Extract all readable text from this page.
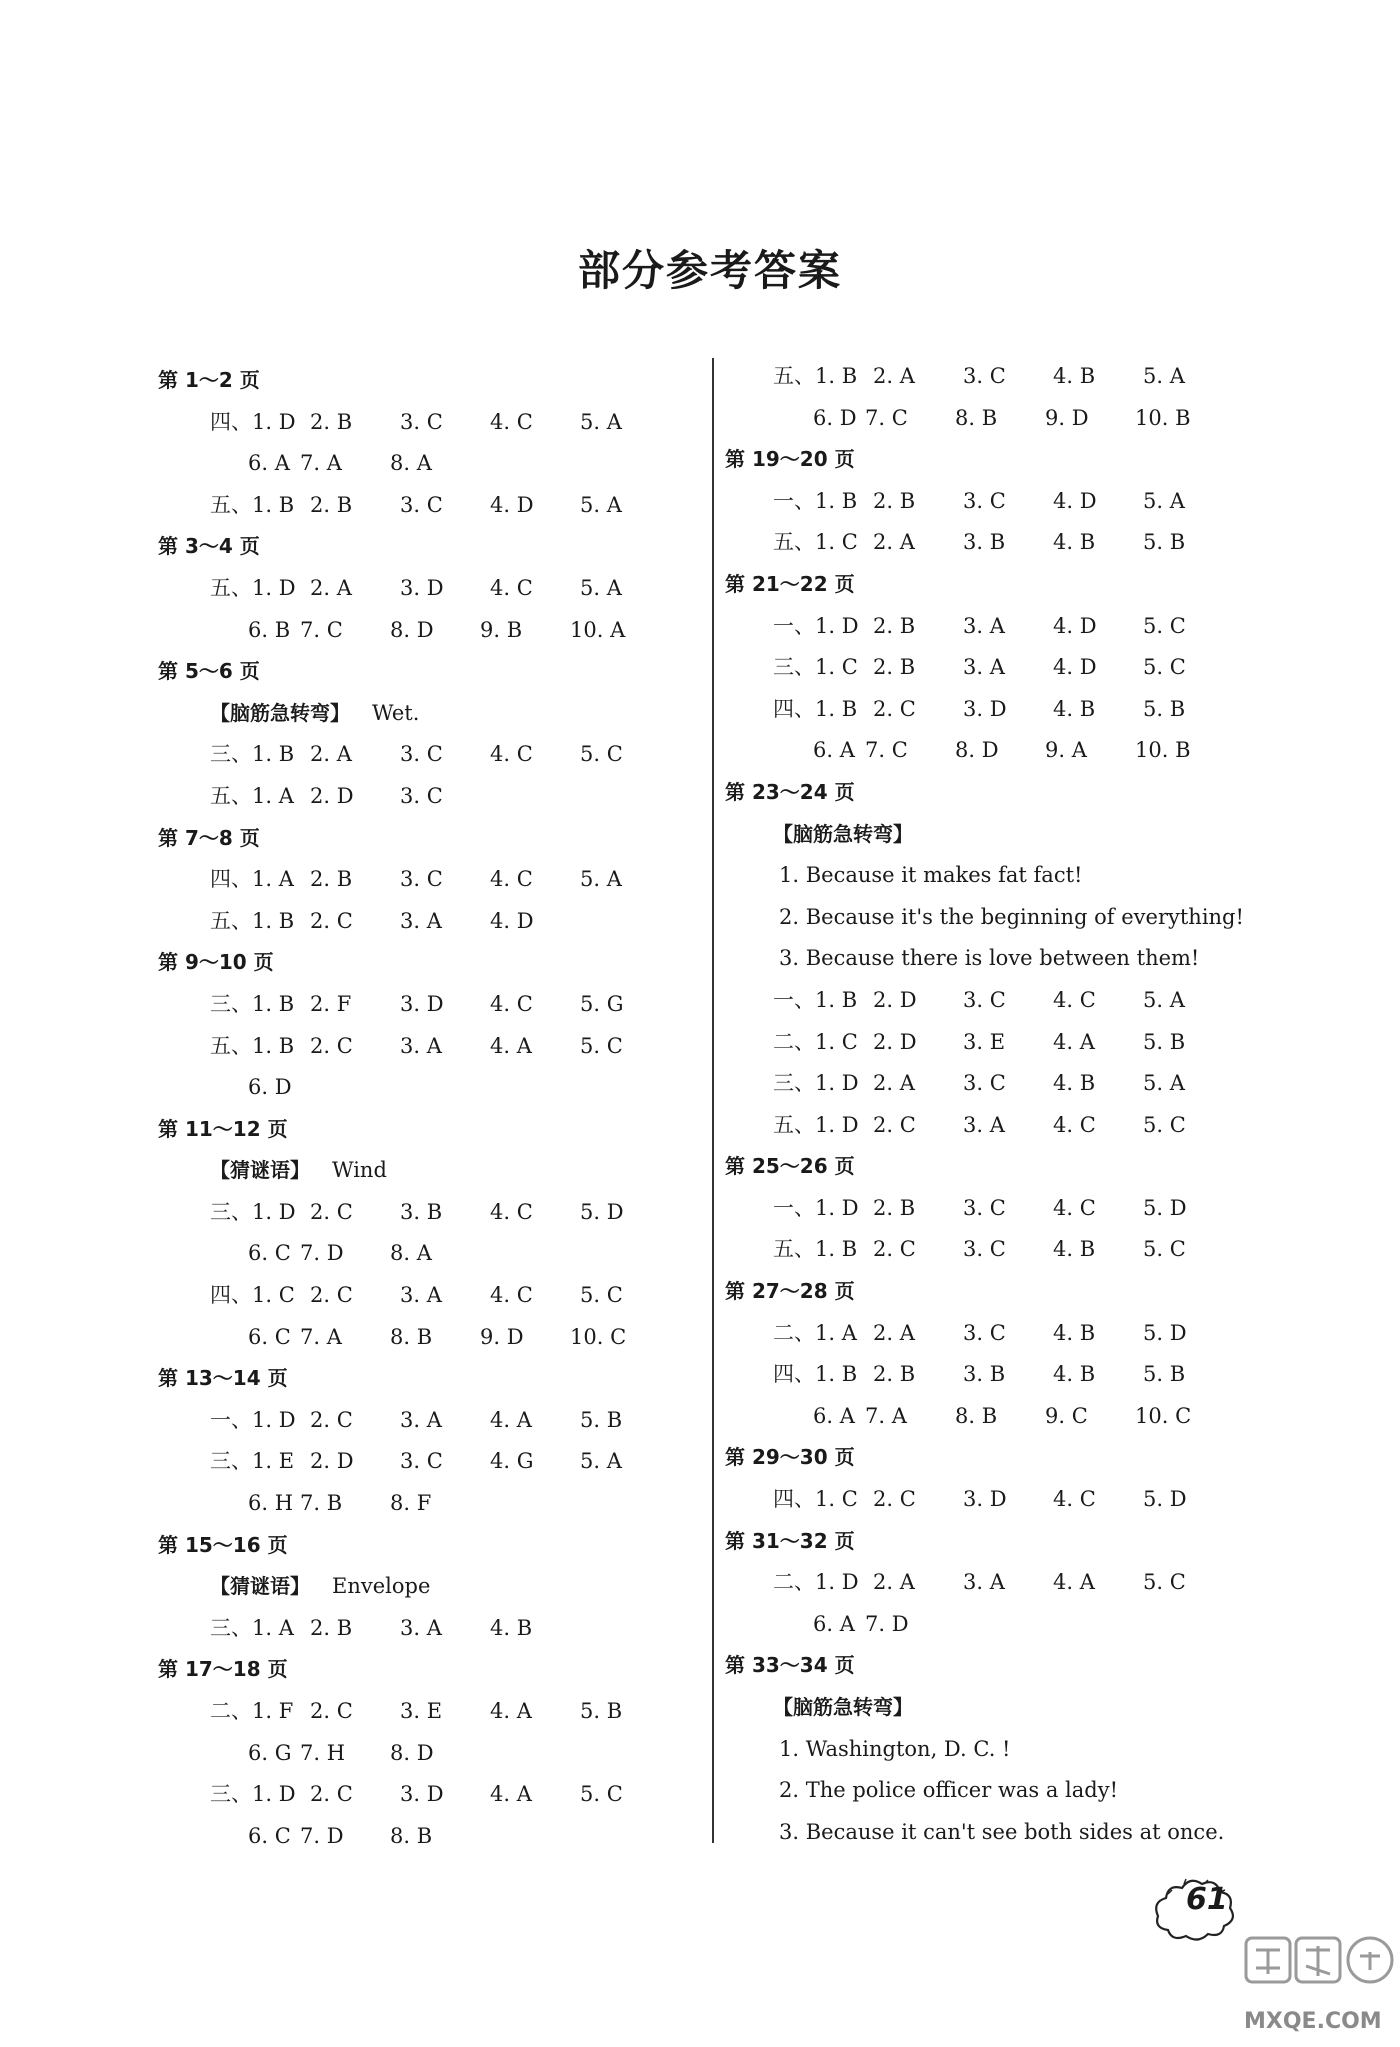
部分参考答案
第 1～2 页
四、1. D 2. B 3. C 4. C 5. A
6. A 7. A 8. A
五、1. B 2. B 3. C 4. D 5. A
第 3～4 页
五、1. D 2. A 3. D 4. C 5. A
6. B 7. C 8. D 9. B 10. A
第 5～6 页
【脑筋急转弯】 Wet.
三、1. B 2. A 3. C 4. C 5. C
五、1. A 2. D 3. C
第 7～8 页
四、1. A 2. B 3. C 4. C 5. A
五、1. B 2. C 3. A 4. D
第 9～10 页
三、1. B 2. F 3. D 4. C 5. G
五、1. B 2. C 3. A 4. A 5. C
6. D
第 11～12 页
【猜谜语】 Wind
三、1. D 2. C 3. B 4. C 5. D
6. C 7. D 8. A
四、1. C 2. C 3. A 4. C 5. C
6. C 7. A 8. B 9. D 10. C
第 13～14 页
一、1. D 2. C 3. A 4. A 5. B
三、1. E 2. D 3. C 4. G 5. A
6. H 7. B 8. F
第 15～16 页
【猜谜语】 Envelope
三、1. A 2. B 3. A 4. B
第 17～18 页
二、1. F 2. C 3. E 4. A 5. B
6. G 7. H 8. D
三、1. D 2. C 3. D 4. A 5. C
6. C 7. D 8. B
五、1. B 2. A 3. C 4. B 5. A
6. D 7. C 8. B 9. D 10. B
第 19～20 页
一、1. B 2. B 3. C 4. D 5. A
五、1. C 2. A 3. B 4. B 5. B
第 21～22 页
一、1. D 2. B 3. A 4. D 5. C
三、1. C 2. B 3. A 4. D 5. C
四、1. B 2. C 3. D 4. B 5. B
6. A 7. C 8. D 9. A 10. B
第 23～24 页
【脑筋急转弯】
1. Because it makes fat fact!
2. Because it's the beginning of everything!
3. Because there is love between them!
一、1. B 2. D 3. C 4. C 5. A
二、1. C 2. D 3. E 4. A 5. B
三、1. D 2. A 3. C 4. B 5. A
五、1. D 2. C 3. A 4. C 5. C
第 25～26 页
一、1. D 2. B 3. C 4. C 5. D
五、1. B 2. C 3. C 4. B 5. C
第 27～28 页
二、1. A 2. A 3. C 4. B 5. D
四、1. B 2. B 3. B 4. B 5. B
6. A 7. A 8. B 9. C 10. C
第 29～30 页
四、1. C 2. C 3. D 4. C 5. D
第 31～32 页
二、1. D 2. A 3. A 4. A 5. C
6. A 7. D
第 33～34 页
【脑筋急转弯】
1. Washington, D. C. !
2. The police officer was a lady!
3. Because it can't see both sides at once.
61
MXQE.COM
